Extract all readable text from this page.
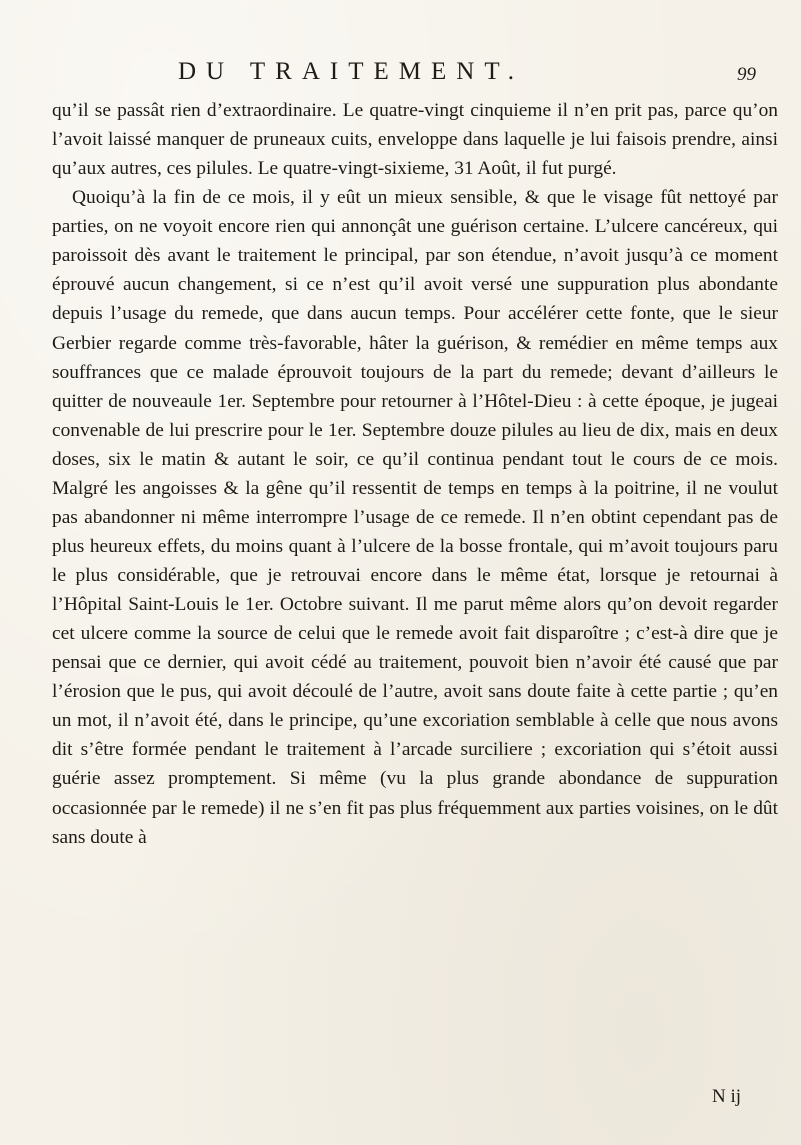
DU TRAITEMENT.	99

qu’il se passât rien d’extraordinaire. Le quatre-vingt cinquieme il n’en prit pas, parce qu’on l’avoit laissé manquer de pruneaux cuits, enveloppe dans laquelle je lui faisois prendre, ainsi qu’aux autres, ces pilules. Le quatre-vingt-sixieme, 31 Août, il fut purgé.

Quoiqu’à la fin de ce mois, il y eût un mieux sensible, & que le visage fût nettoyé par parties, on ne voyoit encore rien qui annonçât une guérison certaine. L’ulcere cancéreux, qui paroissoit dès avant le traitement le principal, par son étendue, n’avoit jusqu’à ce moment éprouvé aucun changement, si ce n’est qu’il avoit versé une suppuration plus abondante depuis l’usage du remede, que dans aucun temps. Pour accélérer cette fonte, que le sieur Gerbier regarde comme très-favorable, hâter la guérison, & remédier en même temps aux souffrances que ce malade éprouvoit toujours de la part du remede; devant d’ailleurs le quitter de nouveaule 1er. Septembre pour retourner à l’Hôtel-Dieu : à cette époque, je jugeai convenable de lui prescrire pour le 1er. Septembre douze pilules au lieu de dix, mais en deux doses, six le matin & autant le soir, ce qu’il continua pendant tout le cours de ce mois. Malgré les angoisses & la gêne qu’il ressentit de temps en temps à la poitrine, il ne voulut pas abandonner ni même interrompre l’usage de ce remede. Il n’en obtint cependant pas de plus heureux effets, du moins quant à l’ulcere de la bosse frontale, qui m’avoit toujours paru le plus considérable, que je retrouvai encore dans le même état, lorsque je retournai à l’Hôpital Saint-Louis le 1er. Octobre suivant. Il me parut même alors qu’on devoit regarder cet ulcere comme la source de celui que le remede avoit fait disparoître ; c’est-à dire que je pensai que ce dernier, qui avoit cédé au traitement, pouvoit bien n’avoir été causé que par l’érosion que le pus, qui avoit découlé de l’autre, avoit sans doute faite à cette partie ; qu’en un mot, il n’avoit été, dans le principe, qu’une excoriation semblable à celle que nous avons dit s’être formée pendant le traitement à l’arcade surciliere ; excoriation qui s’étoit aussi guérie assez promptement. Si même (vu la plus grande abondance de suppuration occasionnée par le remede) il ne s’en fit pas plus fréquemment aux parties voisines, on le dût sans doute à

N ij
